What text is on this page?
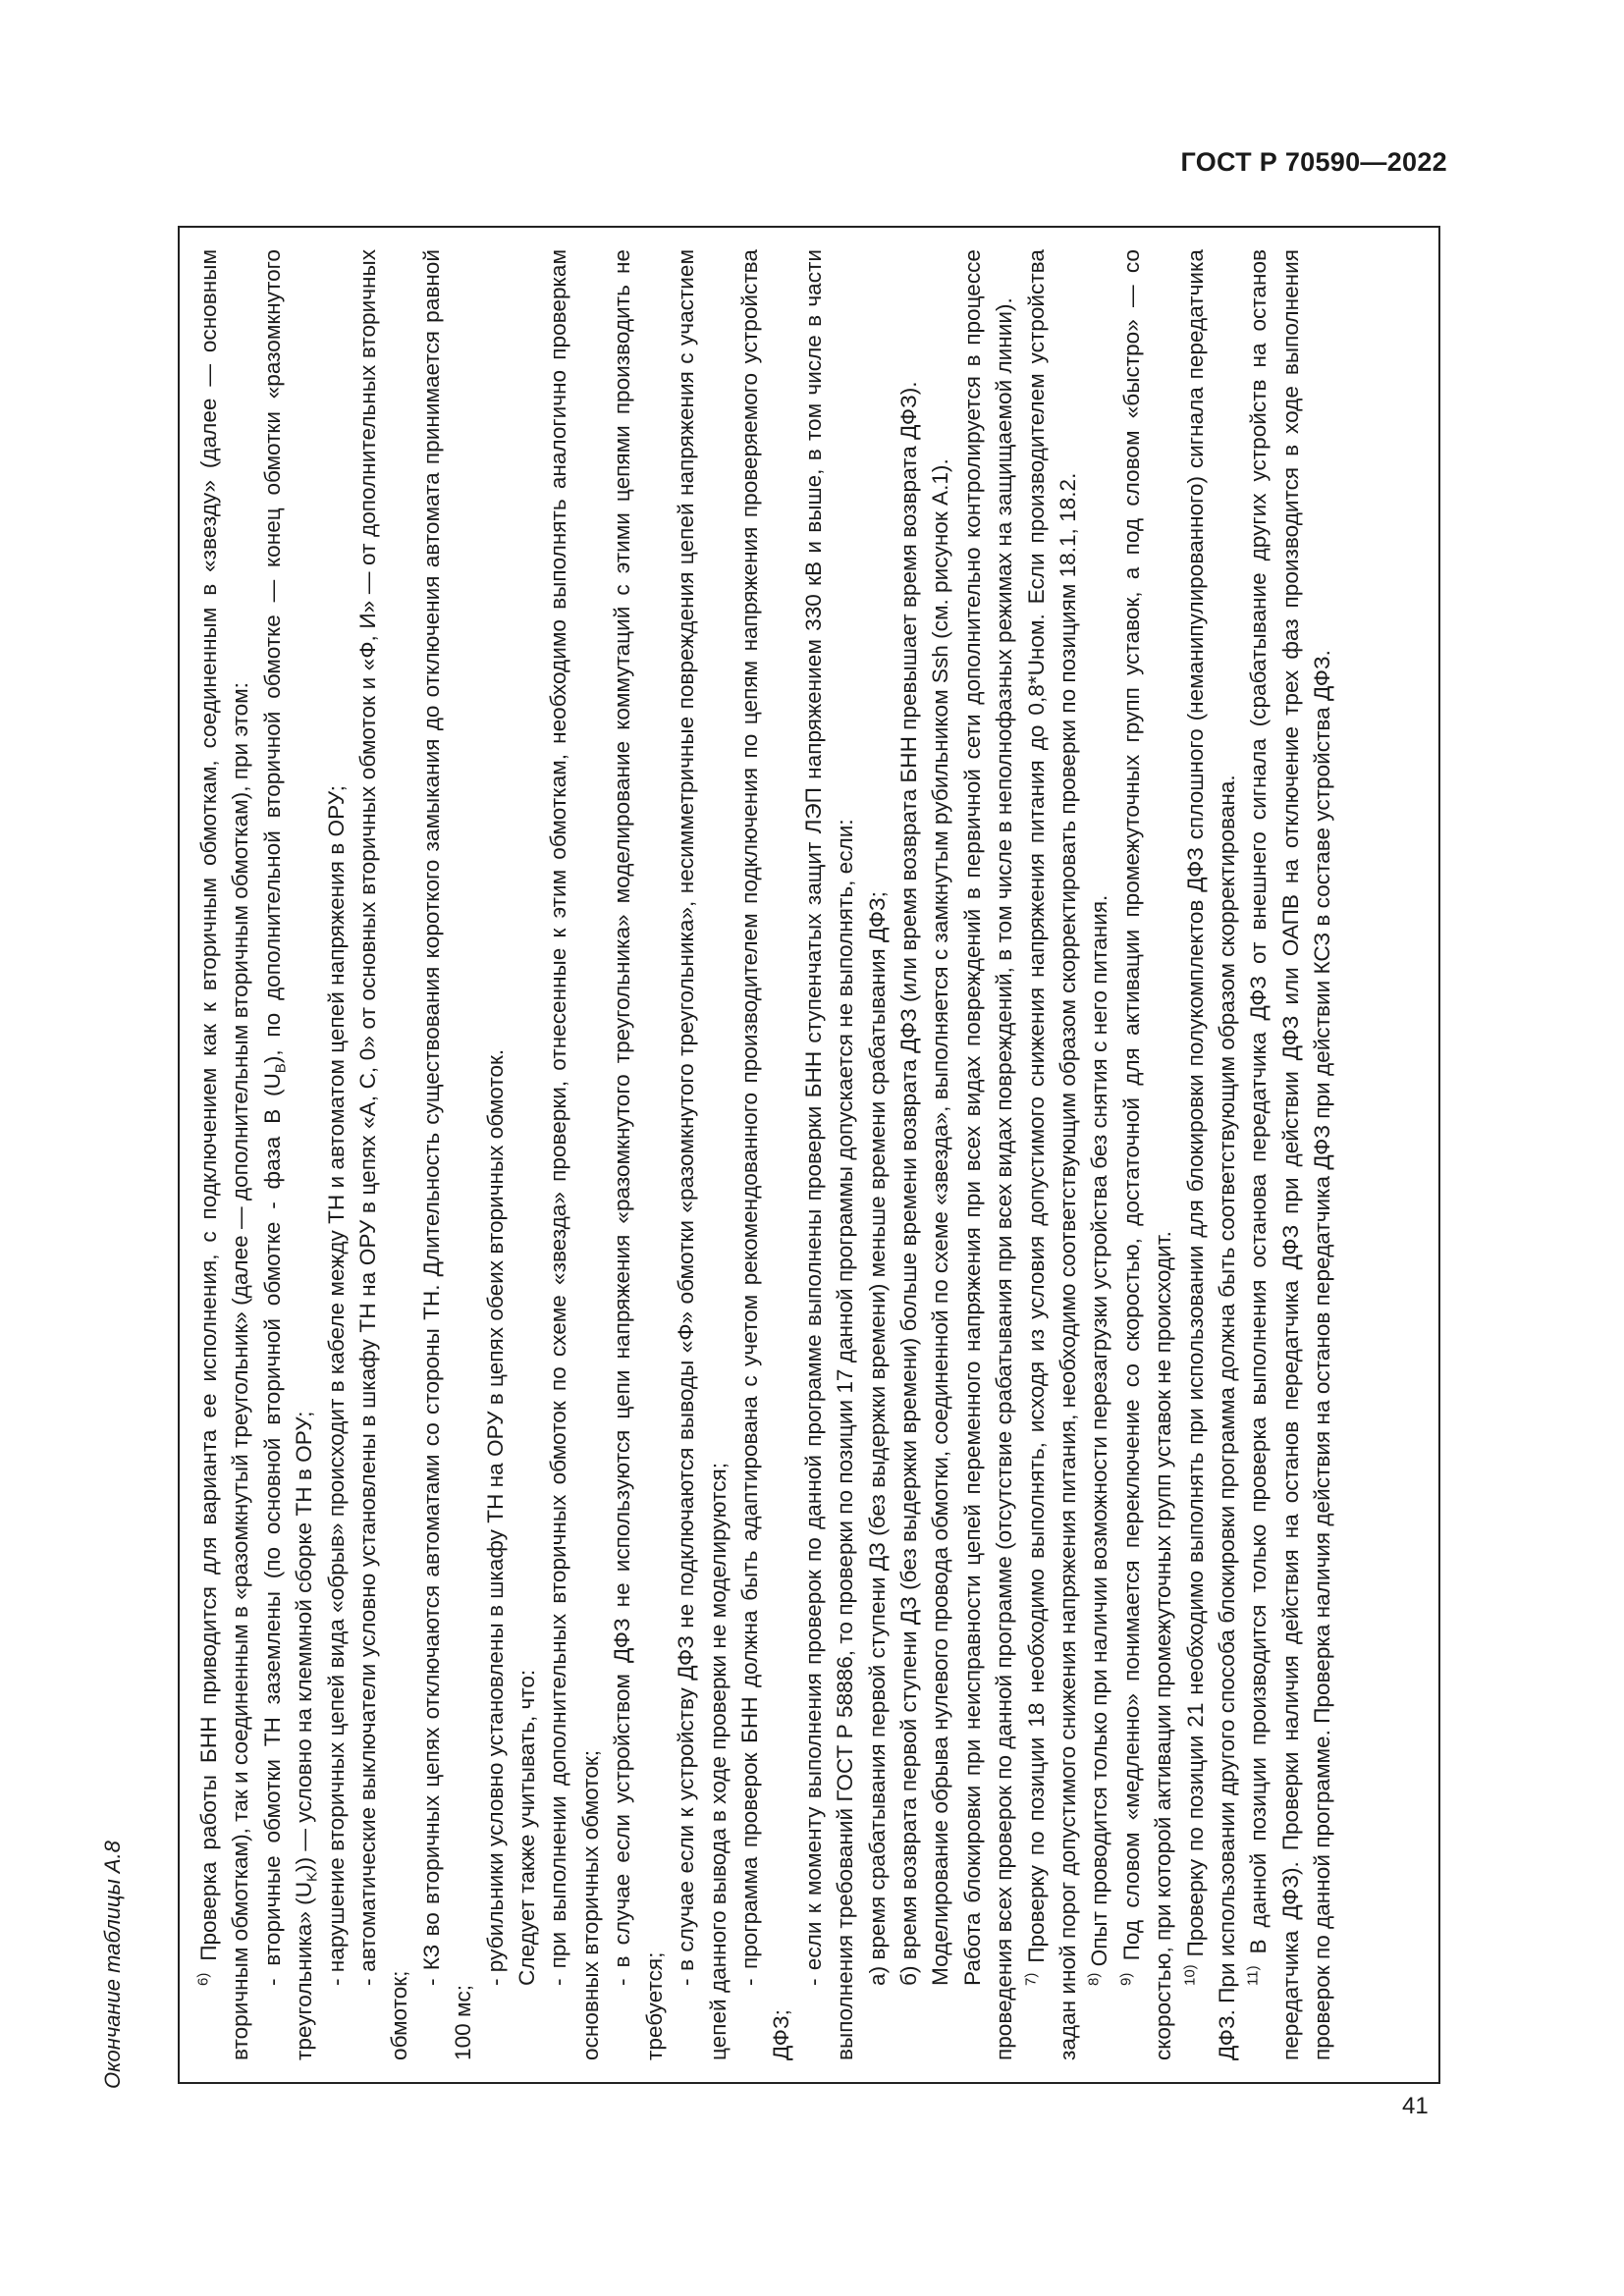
ГОСТ Р 70590—2022
Окончание таблицы А.8	$^{6)}$ Проверка работы БНН приводится для варианта ее исполнения, с подключением как к вторичным обмоткам, соединенным в «звезду» (далее — основным вторичным обмоткам), так и соединенным в «разомкнутый треугольник» (далее — дополнительным вторичным обмоткам), при этом: - вторичные обмотки ТН заземлены (по основной вторичной обмотке - фаза В $(U_B)$, по дополнительной вторичной обмотке — конец обмотки «разомкнутого треугольника» $(U_K)$) — условно на клеммной сборке ТН в ОРУ; - нарушение вторичных цепей вида «обрыв» происходит в кабеле между ТН и автоматом цепей напряжения в ОРУ; - автоматические выключатели условно установлены в шкафу ТН на ОРУ в цепях «А, С, 0» от основных вторичных обмоток и «Ф, И» — от дополнительных вторичных обмоток;

- КЗ во вторичных цепях отключаются автоматами со стороны ТН. Длительность существования короткого замыкания до отключения автомата принимается равной 100 мс;

- рубильники условно установлены в шкафу ТН на ОРУ в цепях обеих вторичных обмоток. Следует также учитывать, что: - при выполнении дополнительных вторичных обмоток по схеме «звезда» проверки, отнесенные к этим обмоткам, необходимо выполнять аналогично проверкам основных вторичных обмоток; - в случае если устройством ДФЗ не используются цепи напряжения «разомкнутого треугольника» моделирование коммутаций с этими цепями производить не требуется;

- в случае если к устройству ДФЗ не подключаются выводы «Ф» обмотки «разомкнутого треугольника», несимметричные повреждения цепей напряжения с участием цепей данного вывода в ходе проверки не моделируются; - программа проверок БНН должна быть адаптирована с учетом рекомендованного производителем подключения по цепям напряжения проверяемого устройства ДФЗ;

- если к моменту выполнения проверок по данной программе выполнены проверки БНН ступенчатых защит ЛЭП напряжением 330 кВ и выше, в том числе в части выполнения требований ГОСТ Р 58886, то проверки по позиции 17 данной программы допускается не выполнять, если: а) время срабатывания первой ступени ДЗ (без выдержки времени) меньше времени срабатывания ДФЗ; б) время возврата первой ступени ДЗ (без выдержки времени) больше времени возврата ДФЗ (или время возврата БНН превышает время возврата ДФЗ). Моделирование обрыва нулевого провода обмотки, соединенной по схеме «звезда», выполняется с замкнутым рубильником Ssh (см. рисунок А.1). Работа блокировки при неисправности цепей переменного напряжения при всех видах повреждений в первичной сети дополнительно контролируется в процессе проведения всех проверок по данной программе (отсутствие срабатывания при всех видах повреждений, в том числе в неполнофазных режимах на защищаемой линии). $^{7)}$ Проверку по позиции 18 необходимо выполнять, исходя из условия допустимого снижения напряжения питания до 0,8*Uном. Если производителем устройства задан иной порог допустимого снижения напряжения питания, необходимо соответствующим образом скорректировать проверки по позициям 18.1, 18.2. $^{8)}$ Опыт проводится только при наличии возможности перезагрузки устройства без снятия с него питания.

$^{9)}$ Под словом «медленно» понимается переключение со скоростью, достаточной для активации промежуточных групп уставок, а под словом «быстро» — со скоростью, при которой активации промежуточных групп уставок не происходит. $^{10)}$ Проверку по позиции 21 необходимо выполнять при использовании для блокировки полукомплектов ДФЗ сплошного (неманипулированного) сигнала передатчика ДФЗ. При использовании другого способа блокировки программа должна быть соответствующим образом скорректирована. $^{11)}$ В данной позиции производится только проверка выполнения останова передатчика ДФЗ от внешнего сигнала (срабатывание других устройств на останов передатчика ДФЗ). Проверки наличия действия на останов передатчика ДФЗ при действии ДФЗ или ОАПВ на отключение трех фаз производится в ходе выполнения проверок по данной программе. Проверка наличия действия на останов передатчика ДФЗ при действии КСЗ в составе устройства ДФЗ.

41
